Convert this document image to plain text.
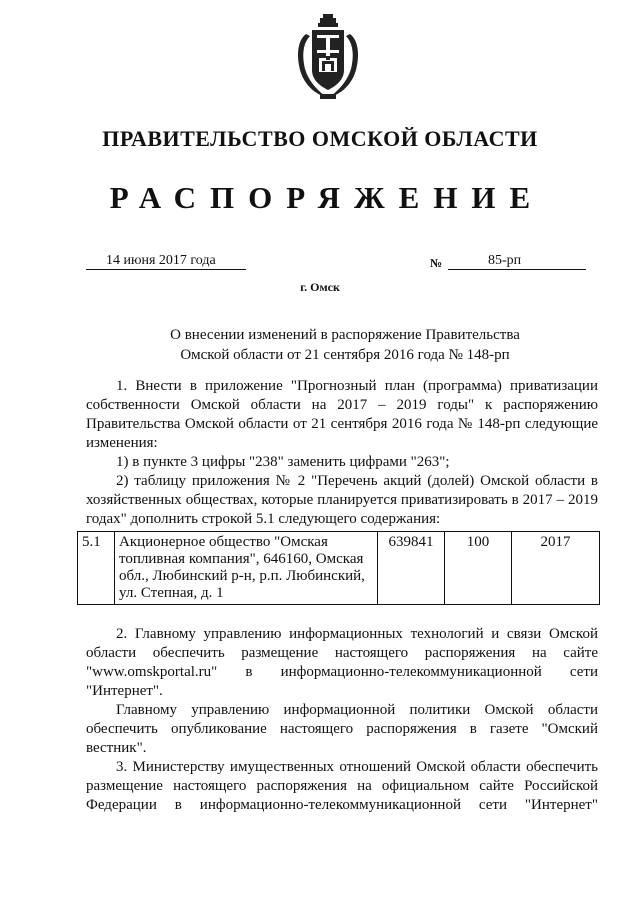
ПРАВИТЕЛЬСТВО ОМСКОЙ ОБЛАСТИ
РАСПОРЯЖЕНИЕ
14 июня 2017 года	№	85-рп
г. Омск
О внесении изменений в распоряжение Правительства
Омской области от 21 сентября 2016 года № 148-рп

1. Внести в приложение "Прогнозный план (программа) приватизации собственности Омской области на 2017 – 2019 годы" к распоряжению Правительства Омской области от 21 сентября 2016 года № 148-рп следующие изменения:

1) в пункте 3 цифры "238" заменить цифрами "263";

2) таблицу приложения № 2 "Перечень акций (долей) Омской области в хозяйственных обществах, которые планируется приватизировать в 2017 – 2019 годах" дополнить строкой 5.1 следующего содержания:

5.1	Акционерное общество "Омская топливная компания", 646160, Омская обл., Любинский р-н, р.п. Любинский, ул. Степная, д. 1	639841	100	2017

2. Главному управлению информационных технологий и связи Омской области обеспечить размещение настоящего распоряжения на сайте "www.omskportal.ru" в информационно-телекоммуникационной сети "Интернет".

Главному управлению информационной политики Омской области обеспечить опубликование настоящего распоряжения в газете "Омский вестник".

3. Министерству имущественных отношений Омской области обеспечить размещение настоящего распоряжения на официальном сайте Российской Федерации в информационно-телекоммуникационной сети "Интернет"
